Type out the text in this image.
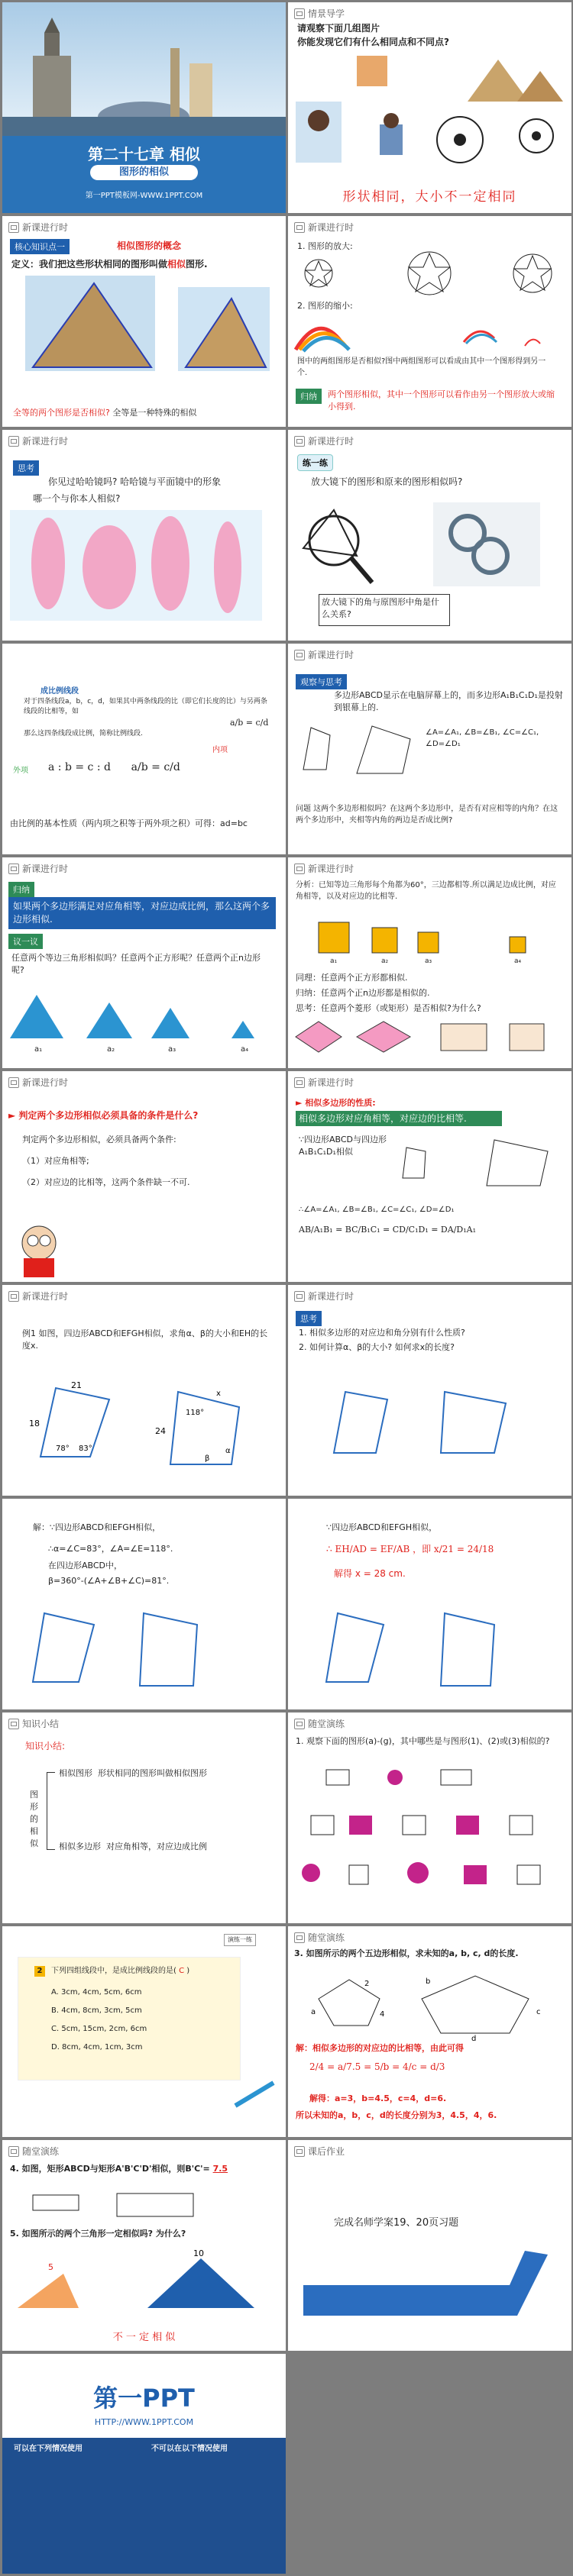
第二十七章 相似
图形的相似
第一PPT模板网-WWW.1PPT.COM
情景导学
请观察下面几组图片
你能发现它们有什么相同点和不同点?
形状相同，大小不一定相同
新课进行时
核心知识点一	相似图形的概念
定义：我们把这些形状相同的图形叫做相似图形.
全等的两个图形是否相似? 全等是一种特殊的相似
新课进行时
1. 图形的放大:
2. 图形的缩小:
图中的两组图形是否相似?图中两组图形可以看成由其中一个图形得到另一个.
归纳	两个图形相似，其中一个图形可以看作由另一个图形放大或缩小得到.
新课进行时
思考
你见过哈哈镜吗? 哈哈镜与平面镜中的形象
哪一个与你本人相似?
新课进行时
练一练
放大镜下的图形和原来的图形相似吗?
放大镜下的角与原图形中角是什么关系?
成比例线段
对于四条线段a，b，c，d，如果其中两条线段的比（即它们长度的比）与另两条线段的比相等，如
a/b = c/d
那么这四条线段成比例，简称比例线段.
外项
内项
a : b = c : d      a/b = c/d
由比例的基本性质（两内项之积等于两外项之积）可得：ad=bc
新课进行时
观察与思考
多边形ABCD显示在电脑屏幕上的，而多边形A₁B₁C₁D₁是投射到银幕上的.
∠A=∠A₁, ∠B=∠B₁, ∠C=∠C₁, ∠D=∠D₁
问题 这两个多边形相似吗？在这两个多边形中，是否有对应相等的内角？在这两个多边形中，夹相等内角的两边是否成比例?
新课进行时
归纳
如果两个多边形满足对应角相等，对应边成比例，那么这两个多边形相似.
议一议
任意两个等边三角形相似吗？任意两个正方形呢？任意两个正n边形呢?
a₁	a₂	a₃	a₄
新课进行时
分析：已知等边三角形每个角都为60°，三边都相等.所以满足边成比例，对应角相等，以及对应边的比相等.
a₁	a₂	a₃	a₄
同理：任意两个正方形都相似.
归纳：任意两个正n边形都是相似的.
思考：任意两个菱形（或矩形）是否相似?为什么?
新课进行时
► 判定两个多边形相似必须具备的条件是什么?
判定两个多边形相似，必须具备两个条件:
（1）对应角相等;
（2）对应边的比相等，这两个条件缺一不可.
新课进行时
► 相似多边形的性质:
相似多边形对应角相等，对应边的比相等.
∵四边形ABCD与四边形A₁B₁C₁D₁相似
∴∠A=∠A₁, ∠B=∠B₁, ∠C=∠C₁, ∠D=∠D₁
AB/A₁B₁ = BC/B₁C₁ = CD/C₁D₁ = DA/D₁A₁
新课进行时
例1 如图，四边形ABCD和EFGH相似，求角α、β的大小和EH的长度x.
21
18
78° 83°
24
118°
β
α
x
新课进行时
思考
1. 相似多边形的对应边和角分别有什么性质?
2. 如何计算α、β的大小? 如何求x的长度?
解：∵四边形ABCD和EFGH相似，
∴α=∠C=83°，∠A=∠E=118°.
在四边形ABCD中，
β=360°-(∠A+∠B+∠C)=81°.
∵四边形ABCD和EFGH相似，
∴ EH/AD = EF/AB ，即 x/21 = 24/18
解得 x = 28 cm.
知识小结
知识小结:
图形的相似
相似图形 形状相同的图形叫做相似图形
相似多边形 对应角相等，对应边成比例
随堂演练
1. 观察下面的图形(a)-(g)，其中哪些是与图形(1)、(2)或(3)相似的?
演练一练
2	下列四组线段中，是成比例线段的是( C )
A. 3cm, 4cm, 5cm, 6cm
B. 4cm, 8cm, 3cm, 5cm
C. 5cm, 15cm, 2cm, 6cm
D. 8cm, 4cm, 1cm, 3cm
随堂演练
3. 如图所示的两个五边形相似，求未知的a, b, c, d的长度.
a
2
4
b
c
d
解：相似多边形的对应边的比相等，由此可得
2/4 = a/7.5 = 5/b = 4/c = d/3
解得：a=3，b=4.5，c=4，d=6.
所以未知的a，b，c，d的长度分别为3，4.5，4，6.
随堂演练
4. 如图，矩形ABCD与矩形A'B'C'D'相似，则B'C'= 7.5
5. 如图所示的两个三角形一定相似吗? 为什么?
5
10
不 一 定 相 似
课后作业
完成名师学案19、20页习题
第一PPT
HTTP://WWW.1PPT.COM
可以在下列情况使用	不可以在以下情况使用
